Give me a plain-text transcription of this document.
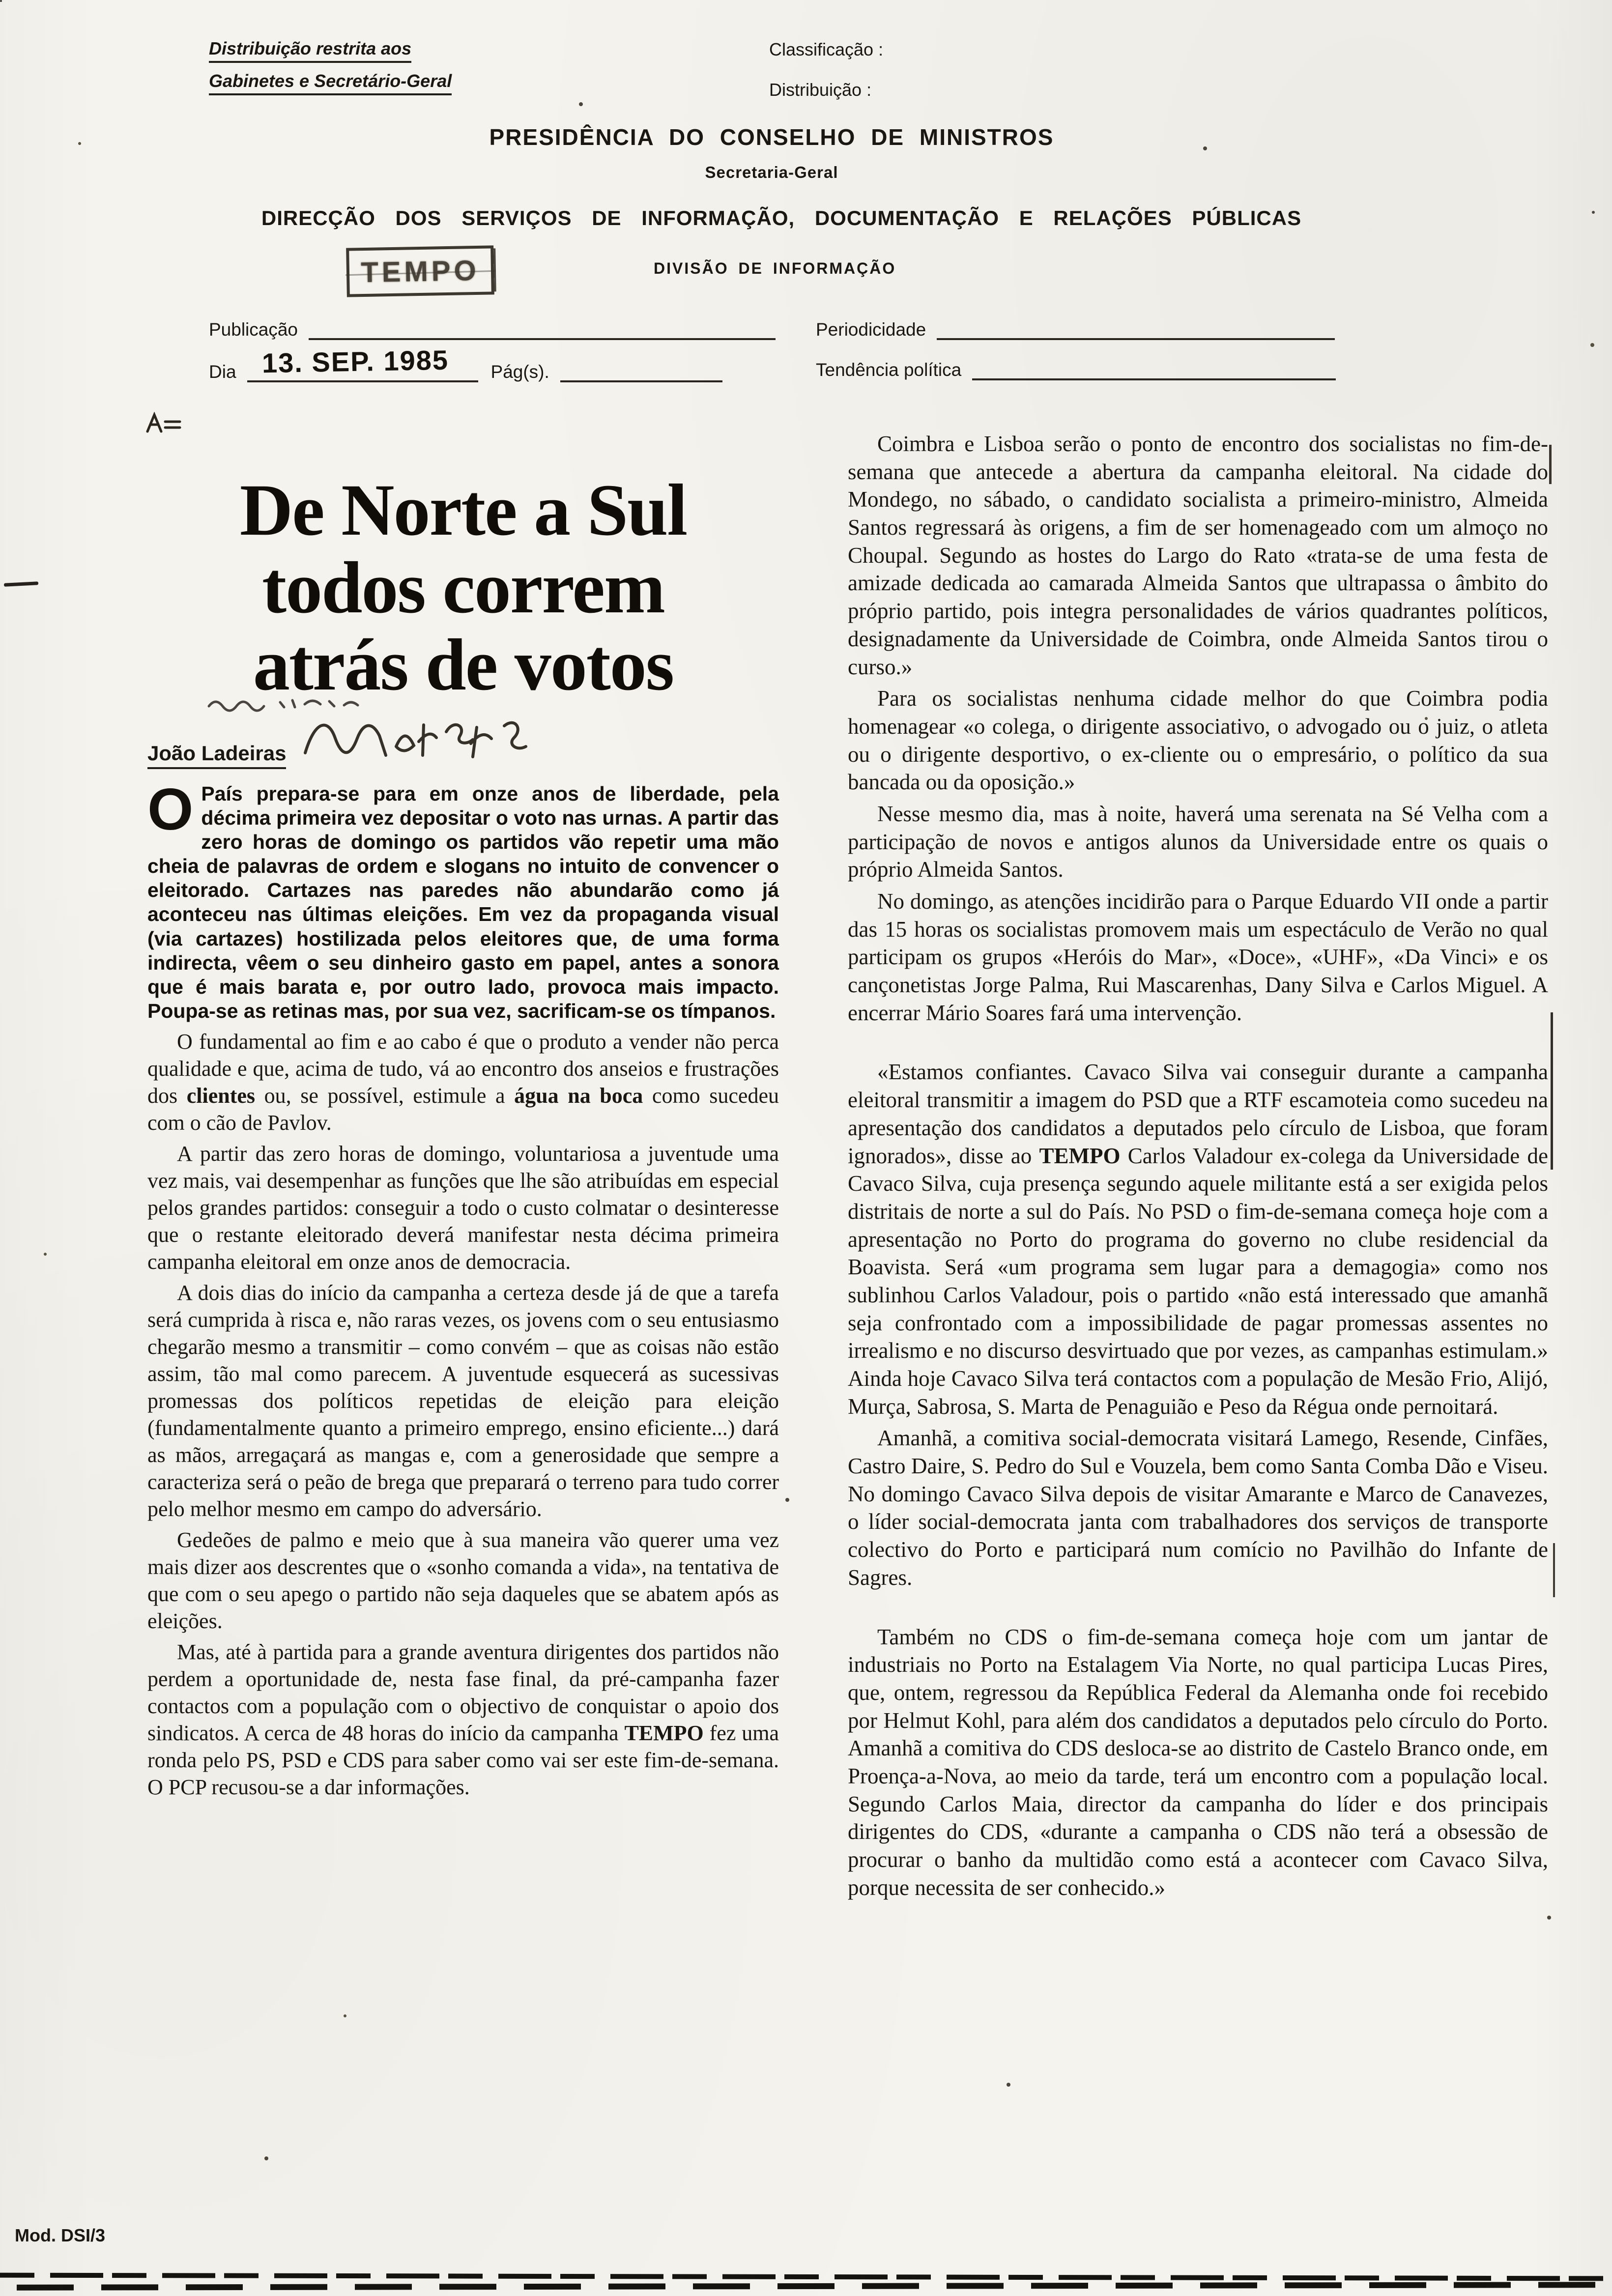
Distribuição restrita aos
Gabinetes e Secretário-Geral
Classificação :
Distribuição :
PRESIDÊNCIA DO CONSELHO DE MINISTROS
Secretaria-Geral
DIRECÇÃO DOS SERVIÇOS DE INFORMAÇÃO, DOCUMENTAÇÃO E RELAÇÕES PÚBLICAS
TEMPO	DIVISÃO DE INFORMAÇÃO
Publicação	Periodicidade
Dia 13. SEP. 1985	Pág(s).	Tendência política
De Norte a Sul
todos correm
atrás de votos
João Ladeiras

OPaís prepara-se para em onze anos de liberdade, pela décima primeira vez depositar o voto nas urnas. A partir das zero horas de domingo os partidos vão repetir uma mão cheia de palavras de ordem e slogans no intuito de convencer o eleitorado. Cartazes nas paredes não abundarão como já aconteceu nas últimas eleições. Em vez da propaganda visual (via cartazes) hostilizada pelos eleitores que, de uma forma indirecta, vêem o seu dinheiro gasto em papel, antes a sonora que é mais barata e, por outro lado, provoca mais impacto. Poupa-se as retinas mas, por sua vez, sacrificam-se os tímpanos.

O fundamental ao fim e ao cabo é que o produto a vender não perca qualidade e que, acima de tudo, vá ao encontro dos anseios e frustrações dos clientes ou, se possível, estimule a água na boca como sucedeu com o cão de Pavlov.

A partir das zero horas de domingo, voluntariosa a juventude uma vez mais, vai desempenhar as funções que lhe são atribuídas em especial pelos grandes partidos: conseguir a todo o custo colmatar o desinteresse que o restante eleitorado deverá manifestar nesta décima primeira campanha eleitoral em onze anos de democracia.

A dois dias do início da campanha a certeza desde já de que a tarefa será cumprida à risca e, não raras vezes, os jovens com o seu entusiasmo chegarão mesmo a transmitir – como convém – que as coisas não estão assim, tão mal como parecem. A juventude esquecerá as sucessivas promessas dos políticos repetidas de eleição para eleição (fundamentalmente quanto a primeiro emprego, ensino eficiente...) dará as mãos, arregaçará as mangas e, com a generosidade que sempre a caracteriza será o peão de brega que preparará o terreno para tudo correr pelo melhor mesmo em campo do adversário.

Gedeões de palmo e meio que à sua maneira vão querer uma vez mais dizer aos descrentes que o «sonho comanda a vida», na tentativa de que com o seu apego o partido não seja daqueles que se abatem após as eleições.

Mas, até à partida para a grande aventura dirigentes dos partidos não perdem a oportunidade de, nesta fase final, da pré-campanha fazer contactos com a população com o objectivo de conquistar o apoio dos sindicatos. A cerca de 48 horas do início da campanha TEMPO fez uma ronda pelo PS, PSD e CDS para saber como vai ser este fim-de-semana. O PCP recusou-se a dar informações.

Coimbra e Lisboa serão o ponto de encontro dos socialistas no fim-de-semana que antecede a abertura da campanha eleitoral. Na cidade do Mondego, no sábado, o candidato socialista a primeiro-ministro, Almeida Santos regressará às origens, a fim de ser homenageado com um almoço no Choupal. Segundo as hostes do Largo do Rato «trata-se de uma festa de amizade dedicada ao camarada Almeida Santos que ultrapassa o âmbito do próprio partido, pois integra personalidades de vários quadrantes políticos, designadamente da Universidade de Coimbra, onde Almeida Santos tirou o curso.»

Para os socialistas nenhuma cidade melhor do que Coimbra podia homenagear «o colega, o dirigente associativo, o advogado ou o juiz, o atleta ou o dirigente desportivo, o ex-cliente ou o empresário, o político da sua bancada ou da oposição.»

Nesse mesmo dia, mas à noite, haverá uma serenata na Sé Velha com a participação de novos e antigos alunos da Universidade entre os quais o próprio Almeida Santos.

No domingo, as atenções incidirão para o Parque Eduardo VII onde a partir das 15 horas os socialistas promovem mais um espectáculo de Verão no qual participam os grupos «Heróis do Mar», «Doce», «UHF», «Da Vinci» e os cançonetistas Jorge Palma, Rui Mascarenhas, Dany Silva e Carlos Miguel. A encerrar Mário Soares fará uma intervenção.

«Estamos confiantes. Cavaco Silva vai conseguir durante a campanha eleitoral transmitir a imagem do PSD que a RTF escamoteia como sucedeu na apresentação dos candidatos a deputados pelo círculo de Lisboa, que foram ignorados», disse ao TEMPO Carlos Valadour ex-colega da Universidade de Cavaco Silva, cuja presença segundo aquele militante está a ser exigida pelos distritais de norte a sul do País. No PSD o fim-de-semana começa hoje com a apresentação no Porto do programa do governo no clube residencial da Boavista. Será «um programa sem lugar para a demagogia» como nos sublinhou Carlos Valadour, pois o partido «não está interessado que amanhã seja confrontado com a impossibilidade de pagar promessas assentes no irrealismo e no discurso desvirtuado que por vezes, as campanhas estimulam.» Ainda hoje Cavaco Silva terá contactos com a população de Mesão Frio, Alijó, Murça, Sabrosa, S. Marta de Penaguião e Peso da Régua onde pernoitará.

Amanhã, a comitiva social-democrata visitará Lamego, Resende, Cinfães, Castro Daire, S. Pedro do Sul e Vouzela, bem como Santa Comba Dão e Viseu. No domingo Cavaco Silva depois de visitar Amarante e Marco de Canavezes, o líder social-democrata janta com trabalhadores dos serviços de transporte colectivo do Porto e participará num comício no Pavilhão do Infante de Sagres.

Também no CDS o fim-de-semana começa hoje com um jantar de industriais no Porto na Estalagem Via Norte, no qual participa Lucas Pires, que, ontem, regressou da República Federal da Alemanha onde foi recebido por Helmut Kohl, para além dos candidatos a deputados pelo círculo do Porto. Amanhã a comitiva do CDS desloca-se ao distrito de Castelo Branco onde, em Proença-a-Nova, ao meio da tarde, terá um encontro com a população local. Segundo Carlos Maia, director da campanha do líder e dos principais dirigentes do CDS, «durante a campanha o CDS não terá a obsessão de procurar o banho da multidão como está a acontecer com Cavaco Silva, porque necessita de ser conhecido.»

Mod. DSI/3
